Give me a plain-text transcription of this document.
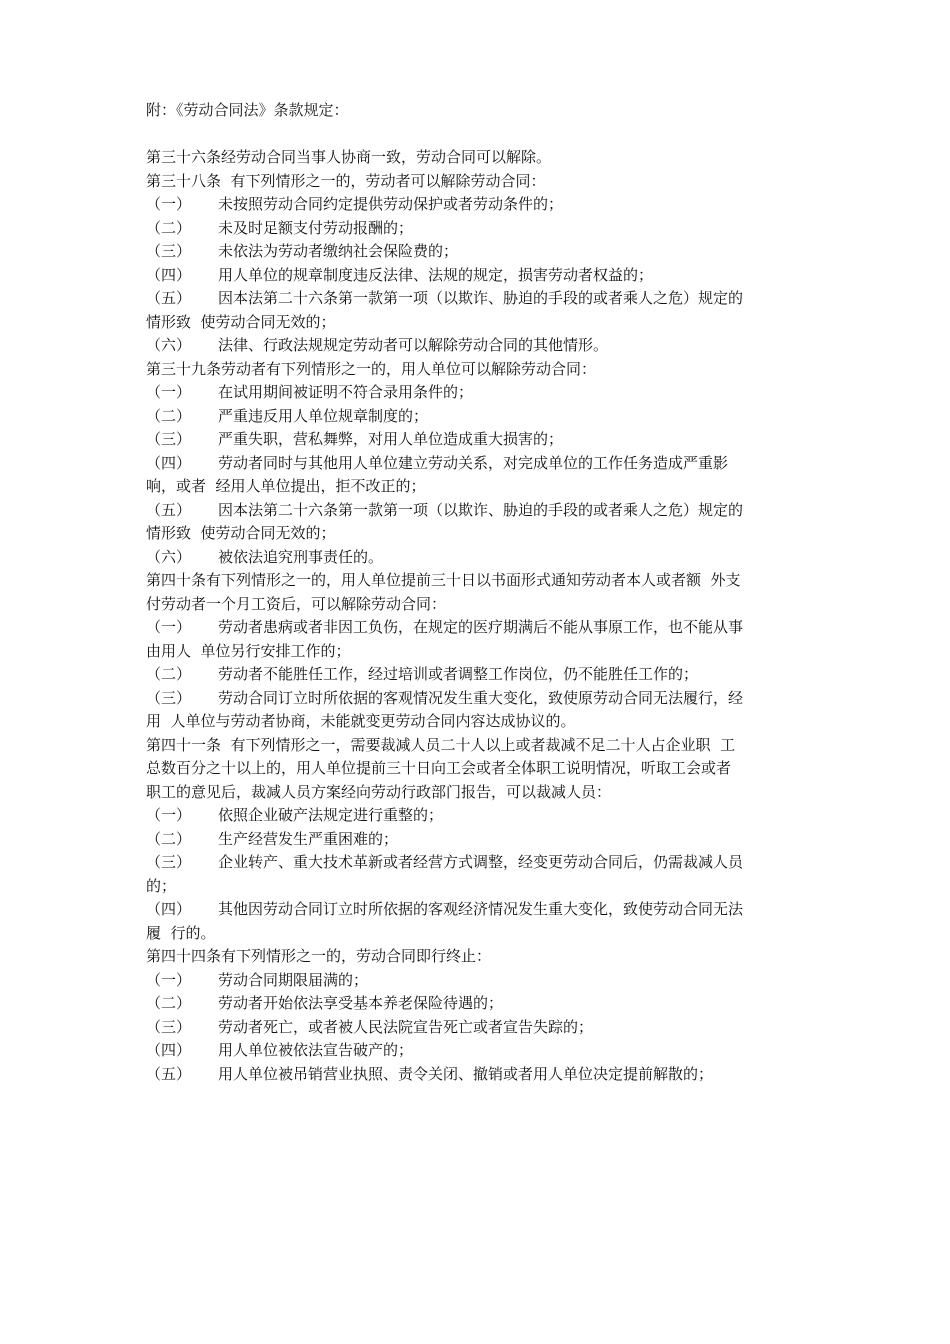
附：《劳动合同法》条款规定：
第三十六条经劳动合同当事人协商一致，劳动合同可以解除。
第三十八条  有下列情形之一的，劳动者可以解除劳动合同：
（一） 未按照劳动合同约定提供劳动保护或者劳动条件的；
（二） 未及时足额支付劳动报酬的；
（三） 未依法为劳动者缴纳社会保险费的；
（四） 用人单位的规章制度违反法律、法规的规定，损害劳动者权益的；
（五） 因本法第二十六条第一款第一项（以欺诈、胁迫的手段的或者乘人之危）规定的
情形致  使劳动合同无效的；
（六） 法律、行政法规规定劳动者可以解除劳动合同的其他情形。
第三十九条劳动者有下列情形之一的，用人单位可以解除劳动合同：
（一） 在试用期间被证明不符合录用条件的；
（二） 严重违反用人单位规章制度的；
（三） 严重失职，营私舞弊，对用人单位造成重大损害的；
（四） 劳动者同时与其他用人单位建立劳动关系，对完成单位的工作任务造成严重影
响，或者  经用人单位提出，拒不改正的；
（五） 因本法第二十六条第一款第一项（以欺诈、胁迫的手段的或者乘人之危）规定的
情形致  使劳动合同无效的；
（六） 被依法追究刑事责任的。
第四十条有下列情形之一的，用人单位提前三十日以书面形式通知劳动者本人或者额  外支
付劳动者一个月工资后，可以解除劳动合同：
（一） 劳动者患病或者非因工负伤，在规定的医疗期满后不能从事原工作，也不能从事
由用人  单位另行安排工作的；
（二） 劳动者不能胜任工作，经过培训或者调整工作岗位，仍不能胜任工作的；
（三） 劳动合同订立时所依据的客观情况发生重大变化，致使原劳动合同无法履行，经
用  人单位与劳动者协商，未能就变更劳动合同内容达成协议的。
第四十一条  有下列情形之一，需要裁减人员二十人以上或者裁减不足二十人占企业职  工
总数百分之十以上的，用人单位提前三十日向工会或者全体职工说明情况，听取工会或者
职工的意见后，裁减人员方案经向劳动行政部门报告，可以裁减人员：
（一） 依照企业破产法规定进行重整的；
（二） 生产经营发生严重困难的；
（三） 企业转产、重大技术革新或者经营方式调整，经变更劳动合同后，仍需裁减人员
的；
（四） 其他因劳动合同订立时所依据的客观经济情况发生重大变化，致使劳动合同无法
履  行的。
第四十四条有下列情形之一的，劳动合同即行终止：
（一） 劳动合同期限届满的；
（二） 劳动者开始依法享受基本养老保险待遇的；
（三） 劳动者死亡，或者被人民法院宣告死亡或者宣告失踪的；
（四） 用人单位被依法宣告破产的；
（五） 用人单位被吊销营业执照、责令关闭、撤销或者用人单位决定提前解散的；
